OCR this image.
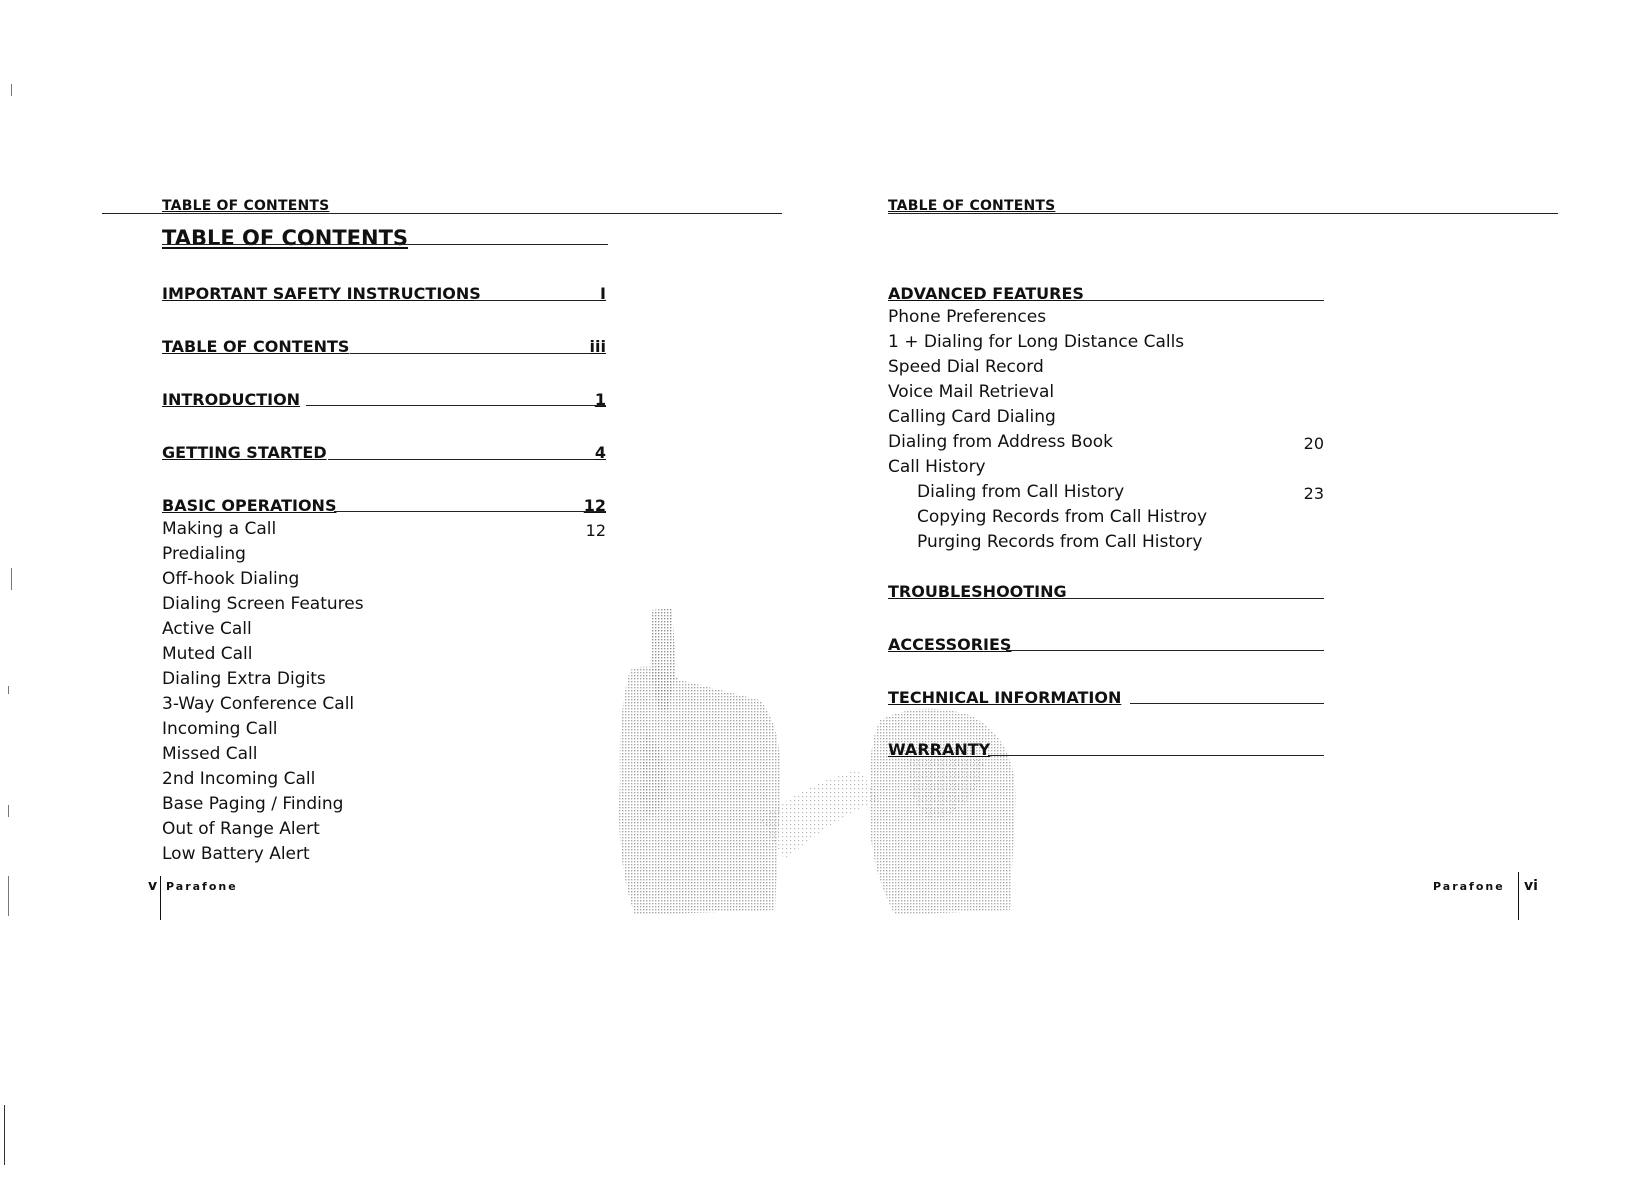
TABLE OF CONTENTS
TABLE OF CONTENTS
IMPORTANT SAFETY INSTRUCTIONS	I
TABLE OF CONTENTS	iii
INTRODUCTION	1
GETTING STARTED	4
BASIC OPERATIONS	12
Making a Call	12
Predialing
Off-hook Dialing
Dialing Screen Features
Active Call
Muted Call
Dialing Extra Digits
3-Way Conference Call
Incoming Call
Missed Call
2nd Incoming Call
Base Paging / Finding
Out of Range Alert
Low Battery Alert
v Parafone
TABLE OF CONTENTS
ADVANCED FEATURES
Phone Preferences
1 + Dialing for Long Distance Calls
Speed Dial Record
Voice Mail Retrieval
Calling Card Dialing
Dialing from Address Book	20
Call History
Dialing from Call History	23
Copying Records from Call Histroy
Purging Records from Call History
TROUBLESHOOTING
ACCESSORIES
TECHNICAL INFORMATION
WARRANTY
Parafone vi
